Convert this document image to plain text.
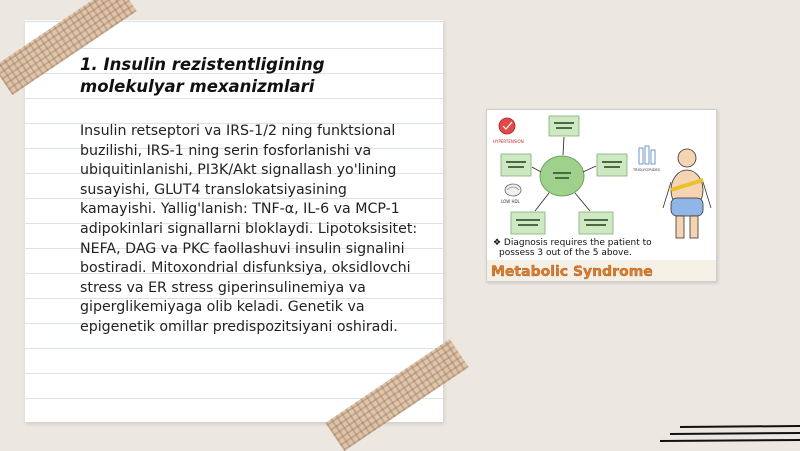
1. Insulin rezistentligining molekulyar mexanizmlari

Insulin retseptori va IRS-1/2 ning funktsional buzilishi, IRS-1 ning serin fosforlanishi va ubiquitinlanishi, PI3K/Akt signallash yo'lining susayishi, GLUT4 translokatsiyasining kamayishi. Yallig'lanish: TNF-α, IL-6 va MCP-1 adipokinlari signallarni bloklaydi. Lipotoksisitet: NEFA, DAG va PKC faollashuvi insulin signalini bostiradi. Mitoxondrial disfunksiya, oksidlovchi stress va ER stress giperinsulinemiya va giperglikemiyaga olib keladi. Genetik va epigenetik omillar predispozitsiyani oshiradi.

HYPERTENSION
LOW HDL
TRIGLYCERIDES
❖ Diagnosis requires the patient to
possess 3 out of the 5 above.
Metabolic Syndrome
